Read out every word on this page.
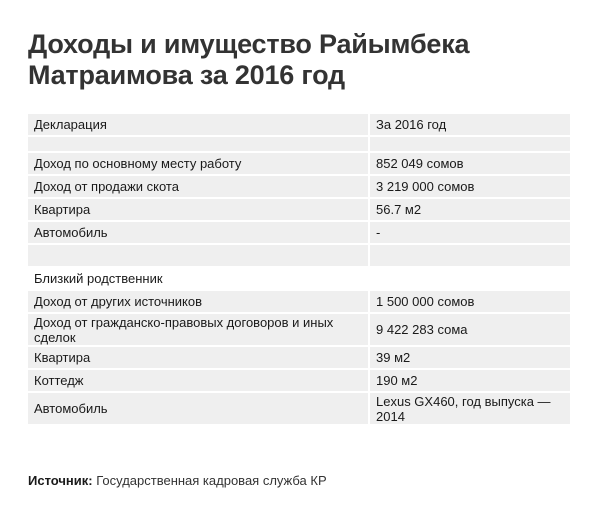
Доходы и имущество Райымбека Матраимова за 2016 год
Декларация	За 2016 год

Доход по основному месту работу	852 049 сомов
Доход от продажи скота	3 219 000 сомов
Квартира	56.7 м2
Автомобиль	-

Близкий родственник	
Доход от других источников	1 500 000 сомов
Доход от гражданско-правовых договоров и иных сделок	9 422 283 сома
Квартира	39 м2
Коттедж	190 м2
Автомобиль	Lexus GX460, год выпуска — 2014

Источник: Государственная кадровая служба КР
